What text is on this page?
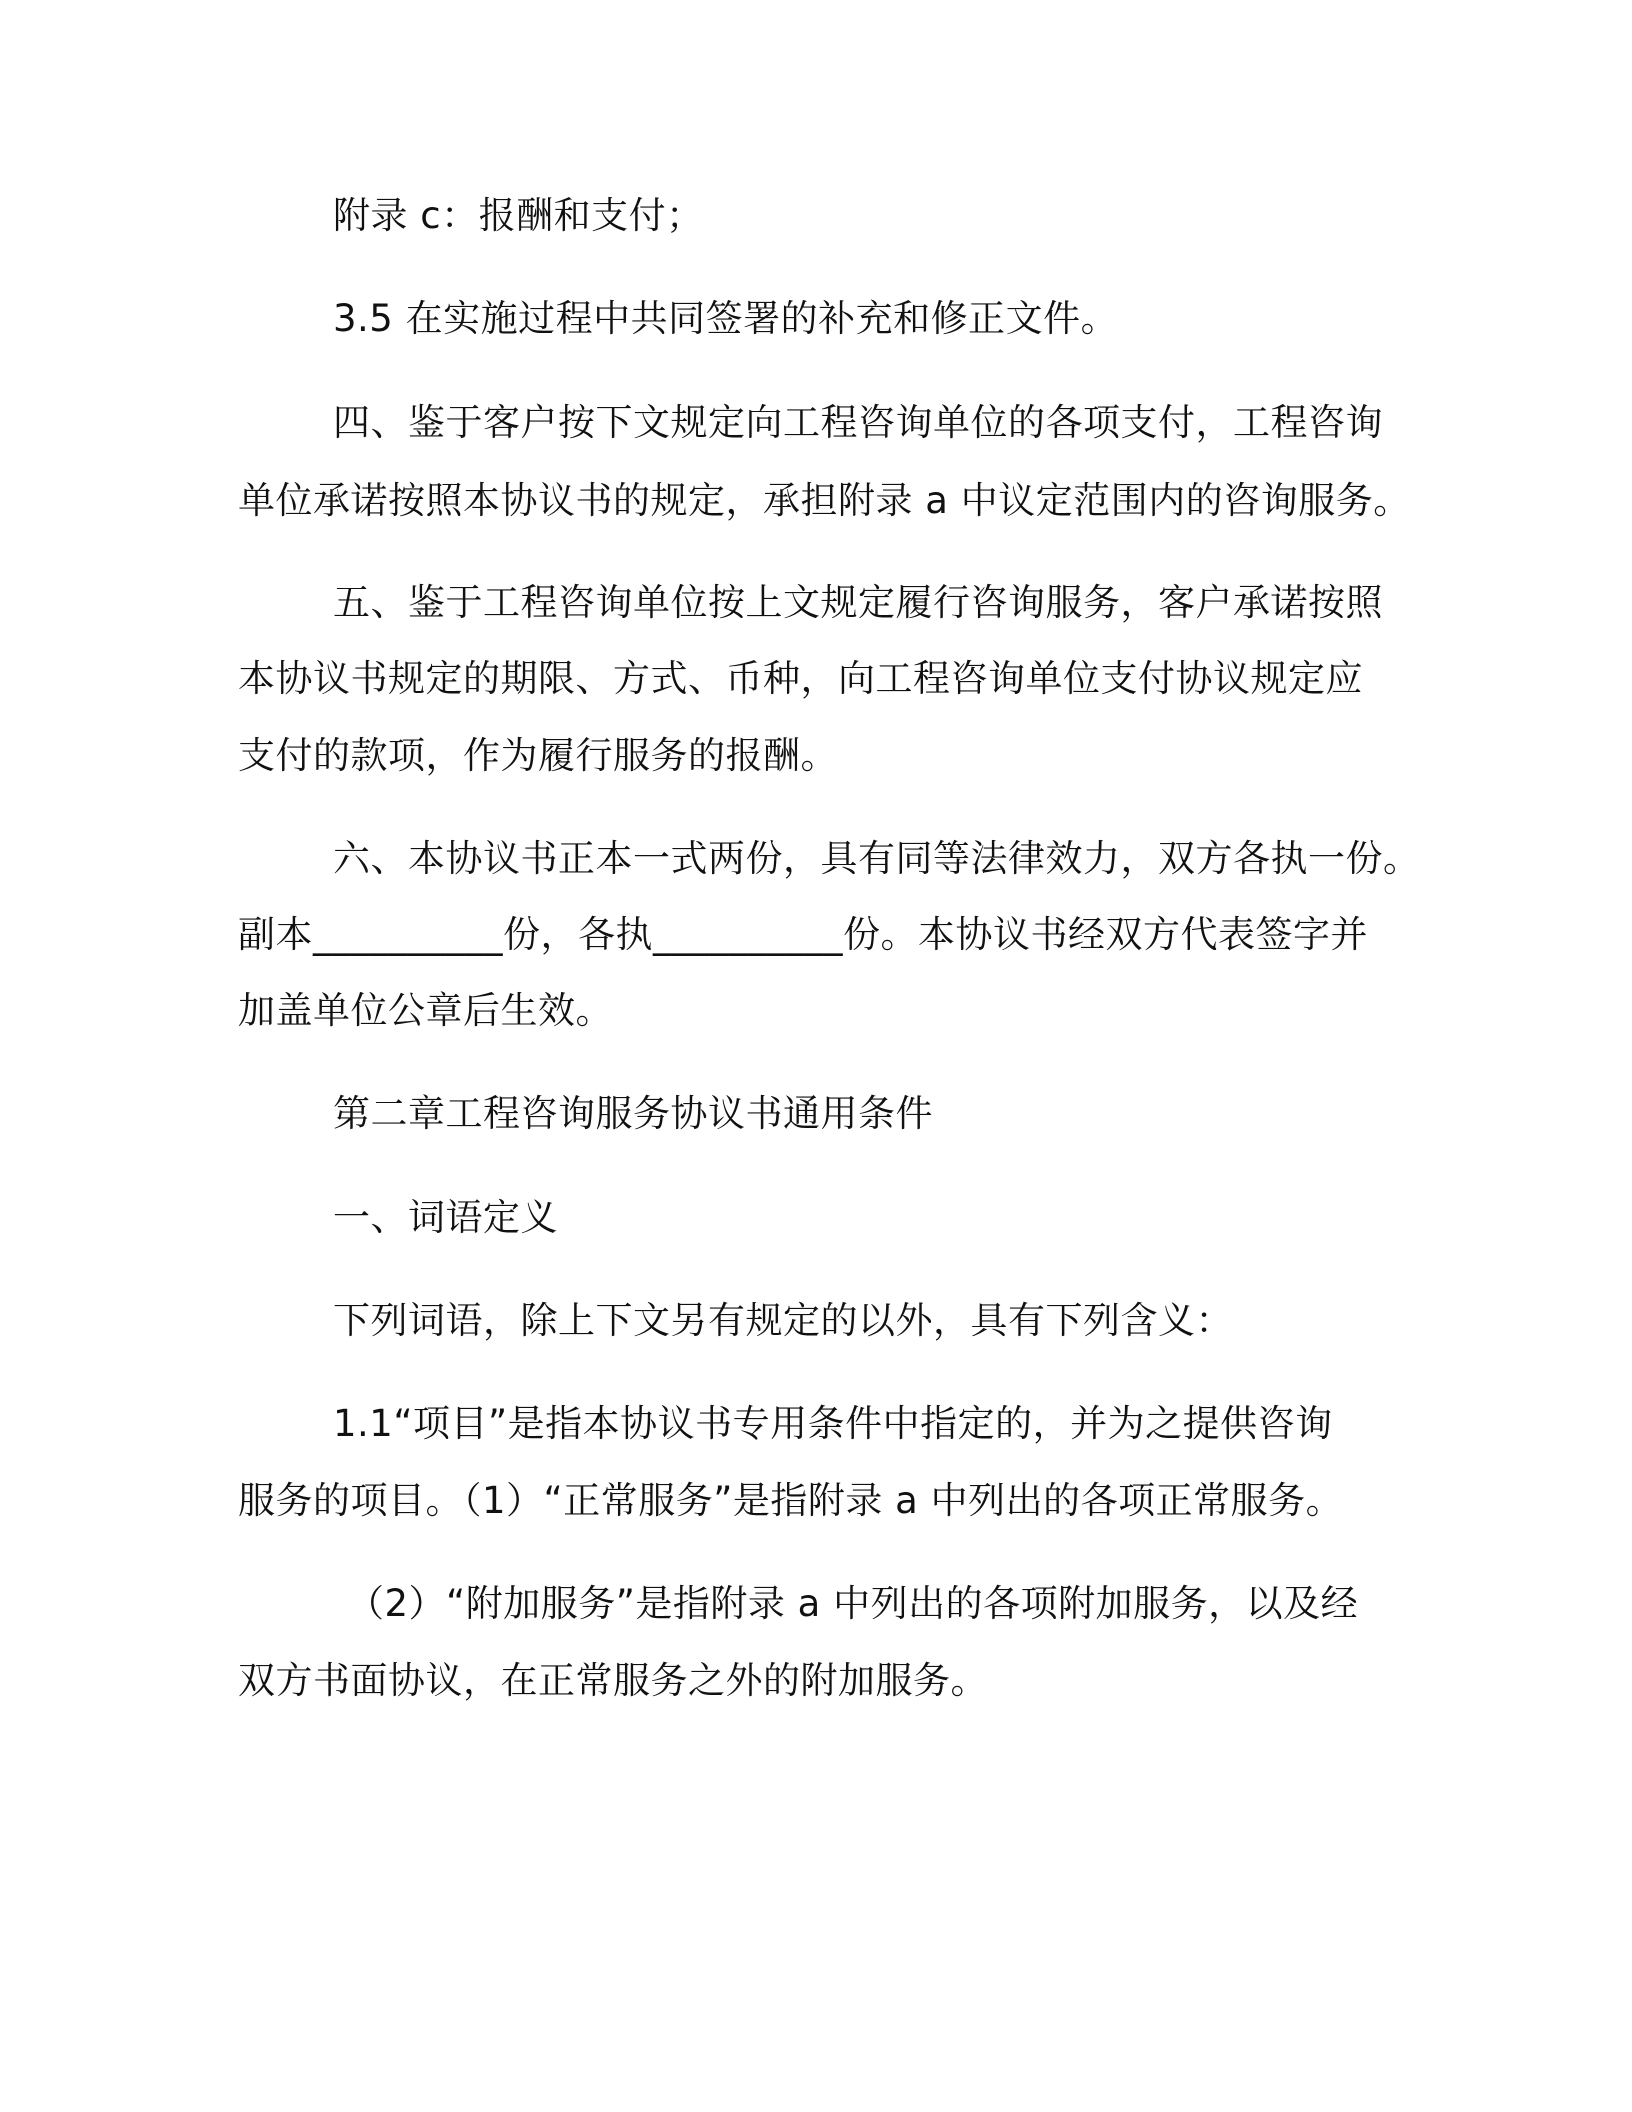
附录 c：报酬和支付；
3.5 在实施过程中共同签署的补充和修正文件。
四、鉴于客户按下文规定向工程咨询单位的各项支付，工程咨询
单位承诺按照本协议书的规定，承担附录 a 中议定范围内的咨询服务。
五、鉴于工程咨询单位按上文规定履行咨询服务，客户承诺按照
本协议书规定的期限、方式、币种，向工程咨询单位支付协议规定应
支付的款项，作为履行服务的报酬。
六、本协议书正本一式两份，具有同等法律效力，双方各执一份。
副本__________份，各执__________份。本协议书经双方代表签字并
加盖单位公章后生效。
第二章工程咨询服务协议书通用条件
一、词语定义
下列词语，除上下文另有规定的以外，具有下列含义：
1.1“项目”是指本协议书专用条件中指定的，并为之提供咨询
服务的项目。（1）“正常服务”是指附录 a 中列出的各项正常服务。
（2）“附加服务”是指附录 a 中列出的各项附加服务，以及经
双方书面协议，在正常服务之外的附加服务。
